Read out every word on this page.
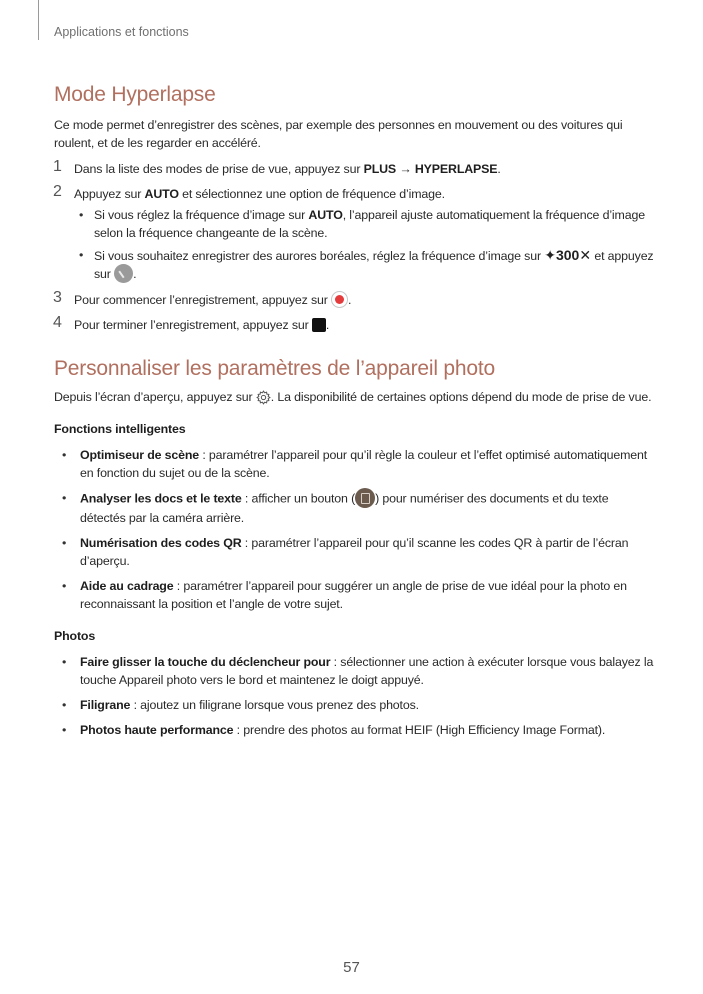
Applications et fonctions
Mode Hyperlapse

Ce mode permet d’enregistrer des scènes, par exemple des personnes en mouvement ou des voitures qui roulent, et de les regarder en accéléré.

1 Dans la liste des modes de prise de vue, appuyez sur PLUS → HYPERLAPSE.
2 Appuyez sur AUTO et sélectionnez une option de fréquence d’image.
• Si vous réglez la fréquence d’image sur AUTO, l’appareil ajuste automatiquement la fréquence d’image selon la fréquence changeante de la scène.
• Si vous souhaitez enregistrer des aurores boréales, réglez la fréquence d’image sur ✦300✕ et appuyez sur .
3 Pour commencer l’enregistrement, appuyez sur .
4 Pour terminer l’enregistrement, appuyez sur .
Personnaliser les paramètres de l’appareil photo

Depuis l’écran d’aperçu, appuyez sur . La disponibilité de certaines options dépend du mode de prise de vue.

Fonctions intelligentes

• Optimiseur de scène : paramétrer l’appareil pour qu’il règle la couleur et l’effet optimisé automatiquement en fonction du sujet ou de la scène.
• Analyser les docs et le texte : afficher un bouton ( ) pour numériser des documents et du texte détectés par la caméra arrière.
• Numérisation des codes QR : paramétrer l’appareil pour qu’il scanne les codes QR à partir de l’écran d’aperçu.
• Aide au cadrage : paramétrer l’appareil pour suggérer un angle de prise de vue idéal pour la photo en reconnaissant la position et l’angle de votre sujet.

Photos

• Faire glisser la touche du déclencheur pour : sélectionner une action à exécuter lorsque vous balayez la touche Appareil photo vers le bord et maintenez le doigt appuyé.
• Filigrane : ajoutez un filigrane lorsque vous prenez des photos.
• Photos haute performance : prendre des photos au format HEIF (High Efficiency Image Format).
57
